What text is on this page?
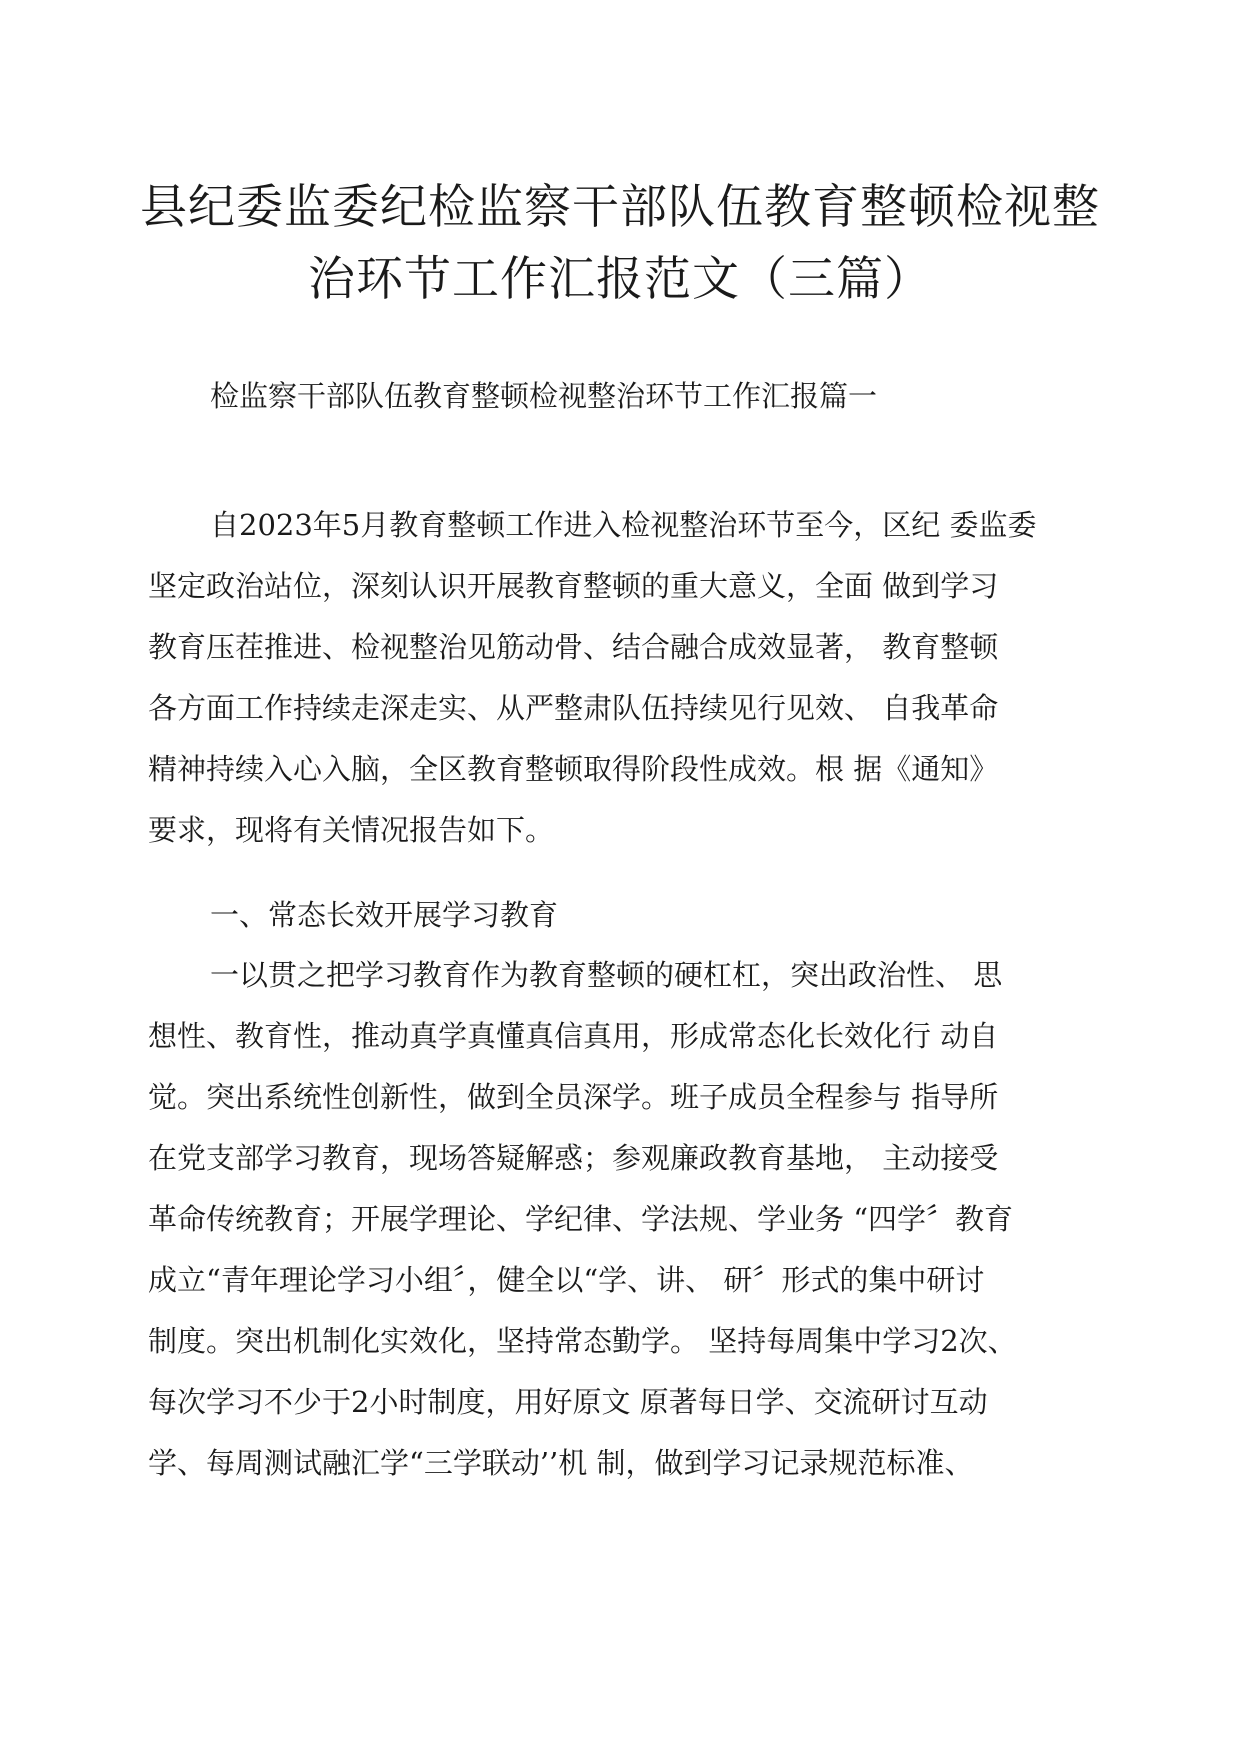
县纪委监委纪检监察干部队伍教育整顿检视整
治环节工作汇报范文（三篇）
检监察干部队伍教育整顿检视整治环节工作汇报篇一
自2023年5月教育整顿工作进入检视整治环节至今，区纪 委监委
坚定政治站位，深刻认识开展教育整顿的重大意义，全面 做到学习
教育压茬推进、检视整治见筋动骨、结合融合成效显著， 教育整顿
各方面工作持续走深走实、从严整肃队伍持续见行见效、 自我革命
精神持续入心入脑，全区教育整顿取得阶段性成效。根 据《通知》
要求，现将有关情况报告如下。
一、常态长效开展学习教育
一以贯之把学习教育作为教育整顿的硬杠杠，突出政治性、 思
想性、教育性，推动真学真懂真信真用，形成常态化长效化行 动自
觉。突出系统性创新性，做到全员深学。班子成员全程参与 指导所
在党支部学习教育，现场答疑解惑；参观廉政教育基地， 主动接受
革命传统教育；开展学理论、学纪律、学法规、学业务 “四学〞教育
成立“青年理论学习小组〞，健全以“学、讲、 研〞形式的集中研讨
制度。突出机制化实效化，坚持常态勤学。 坚持每周集中学习2次、
每次学习不少于2小时制度，用好原文 原著每日学、交流研讨互动
学、每周测试融汇学“三学联动’’机 制，做到学习记录规范标准、
